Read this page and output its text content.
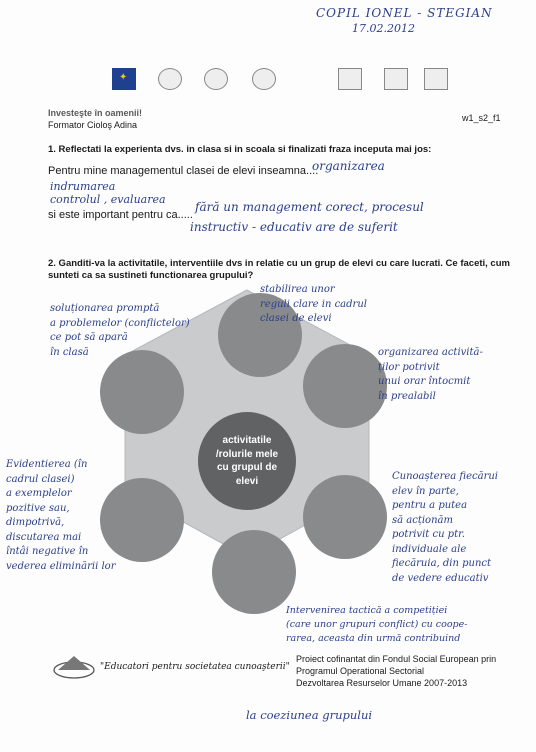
COPIL IONEL - STEGIAN
17.02.2012
✦
Investeşte în oamenii!
Formator Cioloş Adina
w1_s2_f1
1. Reflectati la experienta dvs. in clasa si in scoala si finalizati fraza inceputa mai jos:
Pentru mine managementul clasei de elevi inseamna....
organizarea
indrumarea
controlul , evaluarea
si este important pentru ca.....
fără un management corect, procesul
instructiv - educativ are de suferit
2. Ganditi-va la activitatile, interventiile dvs in relatie cu un grup de elevi cu care lucrati. Ce faceti, cum
sunteti ca sa sustineti functionarea grupului?
activitatile
/rolurile mele
cu grupul de
elevi
stabilirea unor
reguli clare in cadrul
clasei de elevi
soluționarea promptă
a problemelor (conflictelor)
ce pot să apară
în clasă	organizarea activită-
ților potrivit
unui orar întocmit
în prealabil
Evidentierea (în
cadrul clasei)
a exemplelor
pozitive sau,
dimpotrivă,
discutarea mai
întâi negative în
vederea eliminării lor
Cunoașterea fiecărui
elev în parte,
pentru a putea
să acționăm
potrivit cu ptr.
individuale ale
fiecăruia, din punct
de vedere educativ
Intervenirea tactică a competiției
(care unor grupuri conflict) cu coope-
rarea, aceasta din urmă contribuind
la coeziunea grupului
"Educatori pentru societatea cunoaşterii"
Proiect cofinantat din Fondul Social European prin
Programul Operational Sectorial
Dezvoltarea Resurselor Umane 2007-2013
